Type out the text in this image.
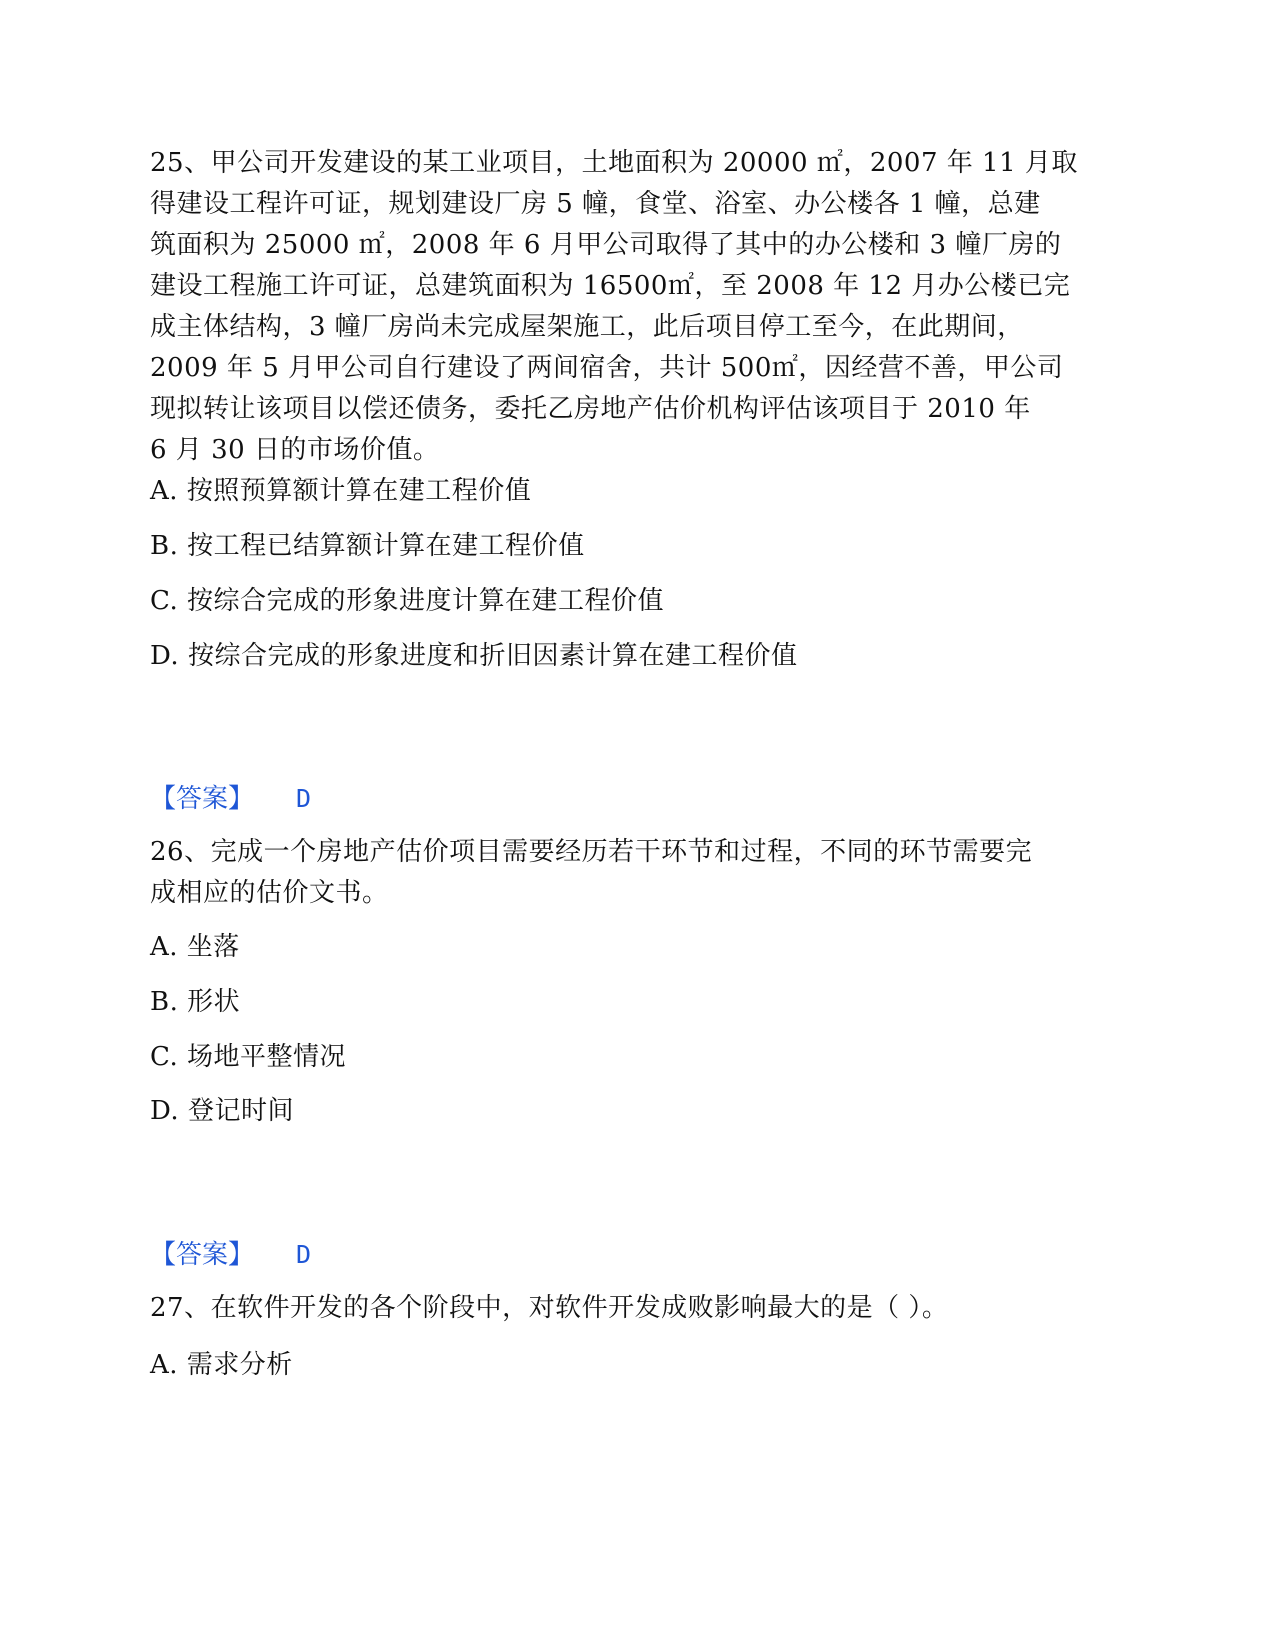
25、甲公司开发建设的某工业项目，土地面积为 20000 ㎡，2007 年 11 月取
得建设工程许可证，规划建设厂房 5 幢，食堂、浴室、办公楼各 1 幢，总建
筑面积为 25000 ㎡，2008 年 6 月甲公司取得了其中的办公楼和 3 幢厂房的
建设工程施工许可证，总建筑面积为 16500㎡，至 2008 年 12 月办公楼已完
成主体结构，3 幢厂房尚未完成屋架施工，此后项目停工至今，在此期间，
2009 年 5 月甲公司自行建设了两间宿舍，共计 500㎡，因经营不善，甲公司
现拟转让该项目以偿还债务，委托乙房地产估价机构评估该项目于 2010 年
6 月 30 日的市场价值。
A. 按照预算额计算在建工程价值
B. 按工程已结算额计算在建工程价值
C. 按综合完成的形象进度计算在建工程价值
D. 按综合完成的形象进度和折旧因素计算在建工程价值
【答案】 D
26、完成一个房地产估价项目需要经历若干环节和过程，不同的环节需要完
成相应的估价文书。
A. 坐落
B. 形状
C. 场地平整情况
D. 登记时间
【答案】 D
27、在软件开发的各个阶段中，对软件开发成败影响最大的是（ ）。
A. 需求分析
